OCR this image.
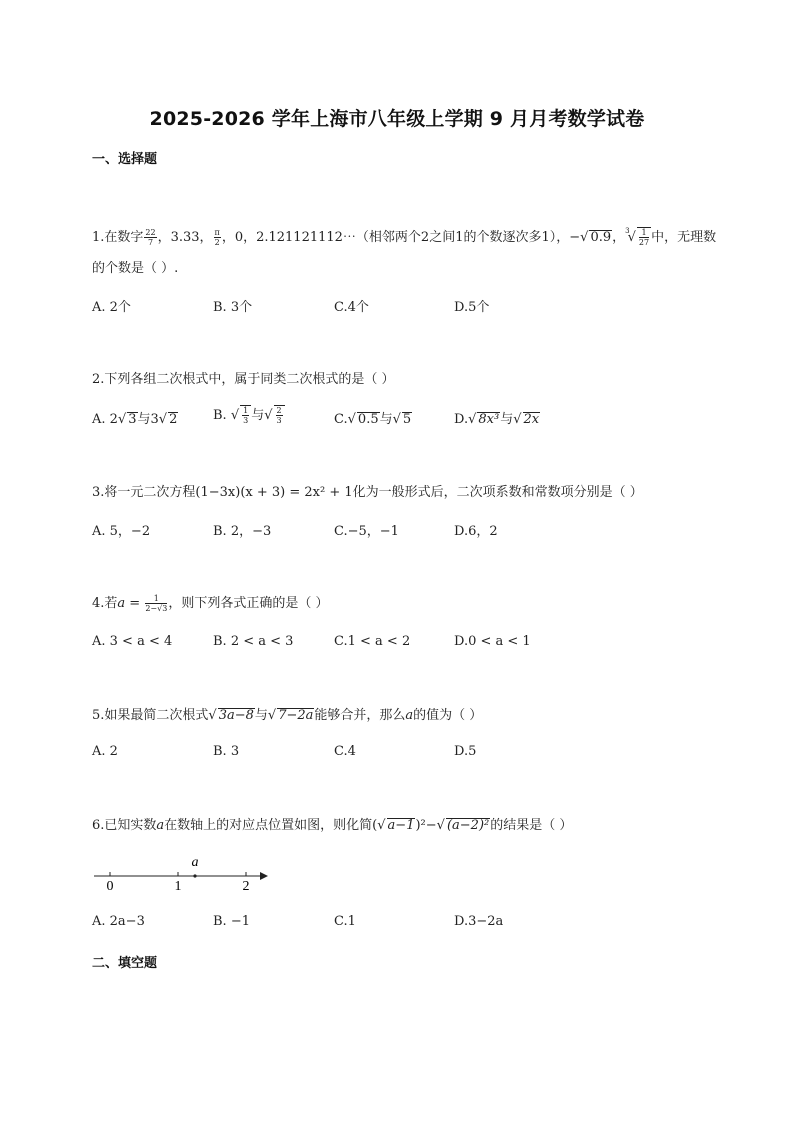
2025-2026 学年上海市八年级上学期 9 月月考数学试卷
一、选择题
1.在数字 $\frac{22}{7}$ ，3.33， $\frac{\pi}{2}$ ，0，2.121121112⋯（相邻两个2之间1的个数逐次多1），−√ 0.9，$^3√ \frac{1}{27}$ 中，无理数
的个数是（ ）.
A. 2个	B. 3个	C.4个	D.5个
2.下列各组二次根式中，属于同类二次根式的是（ ）
A. 2√ 3与3√ 2	B. √ $\frac{1}{3}$ 与√ $\frac{2}{3}$	C.√ 0.5与√ 5	D.√ 8x³与√ 2x
3.将一元二次方程(1−3x)(x + 3) = 2x² + 1化为一般形式后，二次项系数和常数项分别是（ ）
A. 5，−2	B. 2，−3	C.−5，−1	D.6，2
4.若$a = \frac{1}{2-√3}$ ，则下列各式正确的是（ ）
A. 3 < a < 4	B. 2 < a < 3	C.1 < a < 2	D.0 < a < 1
5.如果最简二次根式√ 3a−8与√ 7−2a能够合并，那么a的值为（ ）
A. 2	B. 3	C.4	D.5
6.已知实数a在数轴上的对应点位置如图，则化简(√ a−1)²−√ (a−2)²的结果是（ ）
0	1	2
a
A. 2a−3	B. −1	C.1	D.3−2a
二、填空题
